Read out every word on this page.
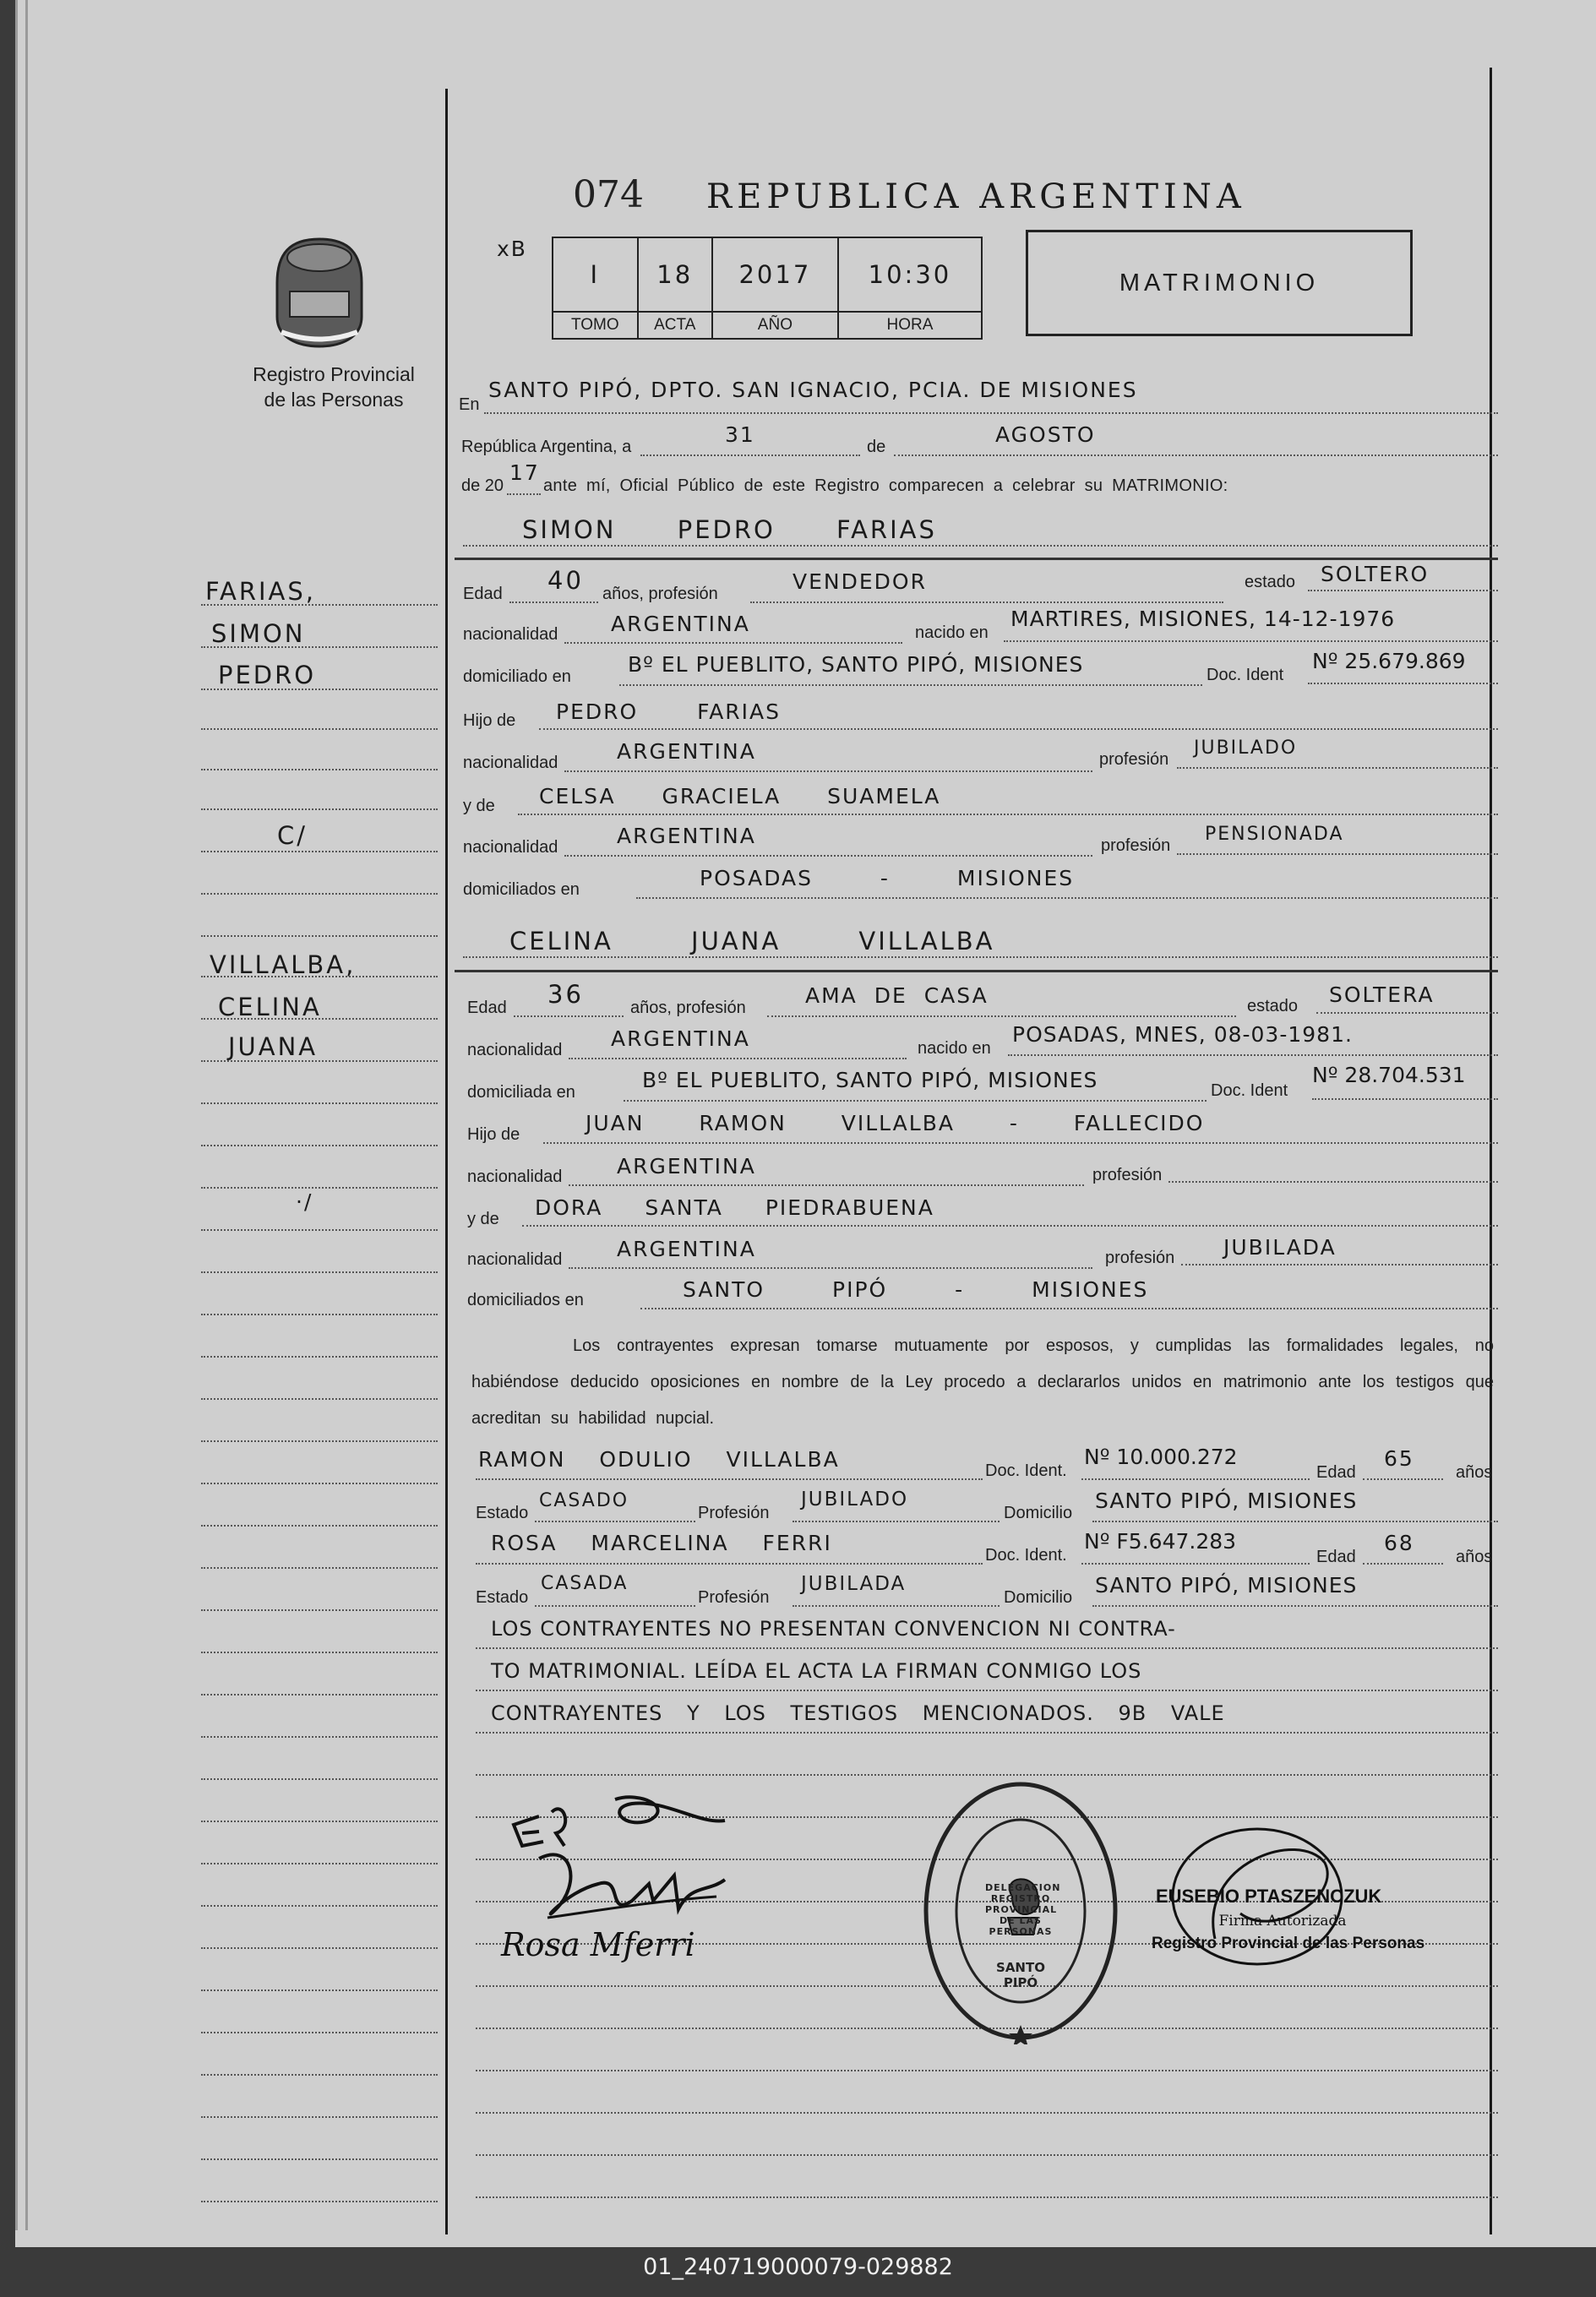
074 REPUBLICA ARGENTINA
xB
I	18	2017	10:30
TOMO	ACTA	AÑO	HORA
MATRIMONIO
Registro Provincial
de las Personas
FARIAS,
SIMON
PEDRO
C/
VILLALBA,
CELINA
JUANA
·/
En
SANTO PIPÓ, DPTO. SAN IGNACIO, PCIA. DE MISIONES
República Argentina, a	31	de	AGOSTO
de 20
17
ante mí, Oficial Público de este Registro comparecen a celebrar su MATRIMONIO:
SIMON PEDRO FARIAS
Edad 40 años, profesión	VENDEDOR	estado SOLTERO
nacionalidad	ARGENTINA	nacido en
MARTIRES, MISIONES, 14-12-1976
domiciliado en	Bº EL PUEBLITO, SANTO PIPÓ, MISIONES	Doc. Ident
Nº 25.679.869
Hijo de PEDRO FARIAS
nacionalidad	ARGENTINA	profesión
JUBILADO
y de CELSA GRACIELA SUAMELA
nacionalidad	ARGENTINA	profesión
PENSIONADA
domiciliados en	POSADAS - MISIONES
CELINA JUANA VILLALBA
Edad 36	años, profesión	AMA DE CASA	estado SOLTERA
nacionalidad ARGENTINA	nacido en
POSADAS, MNES, 08-03-1981.
domiciliada en	Bº EL PUEBLITO, SANTO PIPÓ, MISIONES	Doc. Ident
Nº 28.704.531
Hijo de	JUAN RAMON VILLALBA - FALLECIDO
nacionalidad	ARGENTINA	profesión
y de DORA SANTA PIEDRABUENA
nacionalidad	ARGENTINA	profesión JUBILADA
domiciliados en	SANTO PIPÓ - MISIONES
Los contrayentes expresan tomarse mutuamente por esposos, y cumplidas las formalidades legales, no habiéndose deducido oposiciones en nombre de la Ley procedo a declararlos unidos en matrimonio ante los testigos que acreditan su habilidad nupcial.
RAMON ODULIO VILLALBA	Doc. Ident.
Nº 10.000.272
Edad
65
años
Estado
CASADO
Profesión
JUBILADO
Domicilio SANTO PIPÓ, MISIONES
ROSA MARCELINA FERRI	Doc. Ident.
Nº F5.647.283
Edad
68
años
Estado
CASADA
Profesión
JUBILADA
Domicilio SANTO PIPÓ, MISIONES
LOS CONTRAYENTES NO PRESENTAN CONVENCION NI CONTRA-
TO MATRIMONIAL. LEÍDA EL ACTA LA FIRMAN CONMIGO LOS
CONTRAYENTES Y LOS TESTIGOS MENCIONADOS. 9B VALE
Rosa Mferri
DELEGACION REGISTRO PROVINCIAL DE LAS PERSONAS
SANTO PIPÓ
EUSEBIO PTASZENCZUK
Firma Autorizada
Registro Provincial de las Personas
01_240719000079-029882
